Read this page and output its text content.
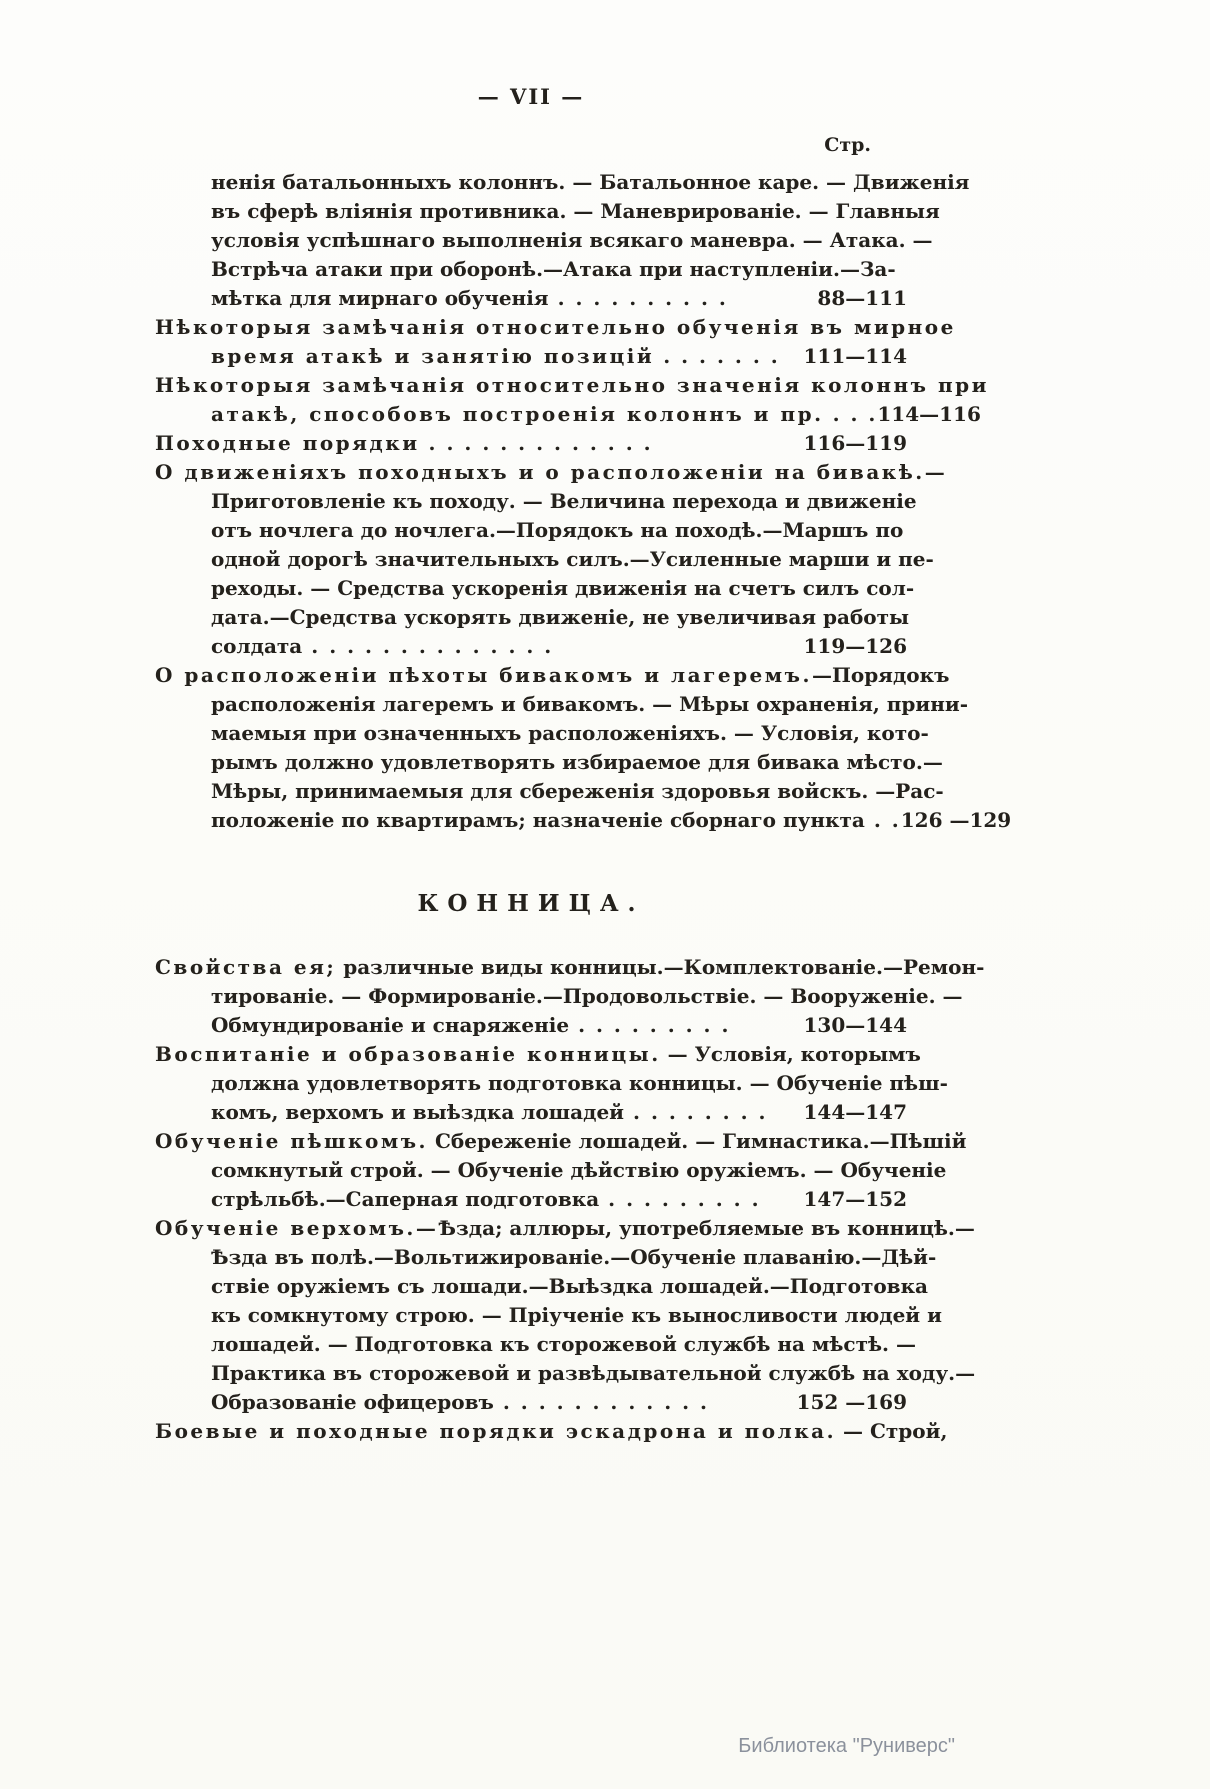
— VII —
Стр.
ненія батальонныхъ колоннъ. — Батальонное каре. — Движенія
въ сферѣ вліянія противника. — Маневрированіе. — Главныя
условія успѣшнаго выполненія всякаго маневра. — Атака. —
Встрѣча атаки при оборонѣ.—Атака при наступленіи.—За-
мѣтка для мирнаго обученія . . . . . . . . . .	88—111
Нѣкоторыя замѣчанія относительно обученія въ мирное
время атакѣ и занятію позицій . . . . . . . 111—114
Нѣкоторыя замѣчанія относительно значенія колоннъ при
атакѣ, способовъ построенія колоннъ и пр. . . . 114—116
Походные порядки . . . . . . . . . . . . .	116—119
О движеніяхъ походныхъ и о расположеніи на бивакѣ.—
Приготовленіе къ походу. — Величина перехода и движеніе
отъ ночлега до ночлега.—Порядокъ на походѣ.—Маршъ по
одной дорогѣ значительныхъ силъ.—Усиленные марши и пе-
реходы. — Средства ускоренія движенія на счетъ силъ сол-
дата.—Средства ускорять движеніе, не увеличивая работы
солдата . . . . . . . . . . . . . .	119—126
О расположеніи пѣхоты бивакомъ и лагеремъ. —Порядокъ
расположенія лагеремъ и бивакомъ. — Мѣры охраненія, прини-
маемыя при означенныхъ расположеніяхъ. — Условія, кото-
рымъ должно удовлетворять избираемое для бивака мѣсто.—
Мѣры, принимаемыя для сбереженія здоровья войскъ. —Рас-
положеніе по квартирамъ; назначеніе сборнаго пункта . . 126 —129
КОННИЦА.
Свойства ея; различные виды конницы.—Комплектованіе.—Ремон-
тированіе. — Формированіе.—Продовольствіе. — Вооруженіе. —
Обмундированіе и снаряженіе . . . . . . . . .	130—144
Воспитаніе и образованіе конницы. — Условія, которымъ
должна удовлетворять подготовка конницы. — Обученіе пѣш-
комъ, верхомъ и выѣздка лошадей . . . . . . . . 144—147
Обученіе пѣшкомъ. Сбереженіе лошадей. — Гимнастика.—Пѣшій
сомкнутый строй. — Обученіе дѣйствію оружіемъ. — Обученіе
стрѣльбѣ.—Саперная подготовка . . . . . . . . . 147—152
Обученіе верхомъ.— Ѣзда; аллюры, употребляемые въ конницѣ.—
Ѣзда въ полѣ.—Вольтижированіе.—Обученіе плаванію.—Дѣй-
ствіе оружіемъ съ лошади.—Выѣздка лошадей.—Подготовка
къ сомкнутому строю. — Пріученіе къ выносливости людей и
лошадей. — Подготовка къ сторожевой службѣ на мѣстѣ. —
Практика въ сторожевой и развѣдывательной службѣ на ходу.—
Образованіе офицеровъ . . . . . . . . . . . .	152 —169
Боевые и походные порядки эскадрона и полка. — Строй,
Библиотека "Руниверс"
